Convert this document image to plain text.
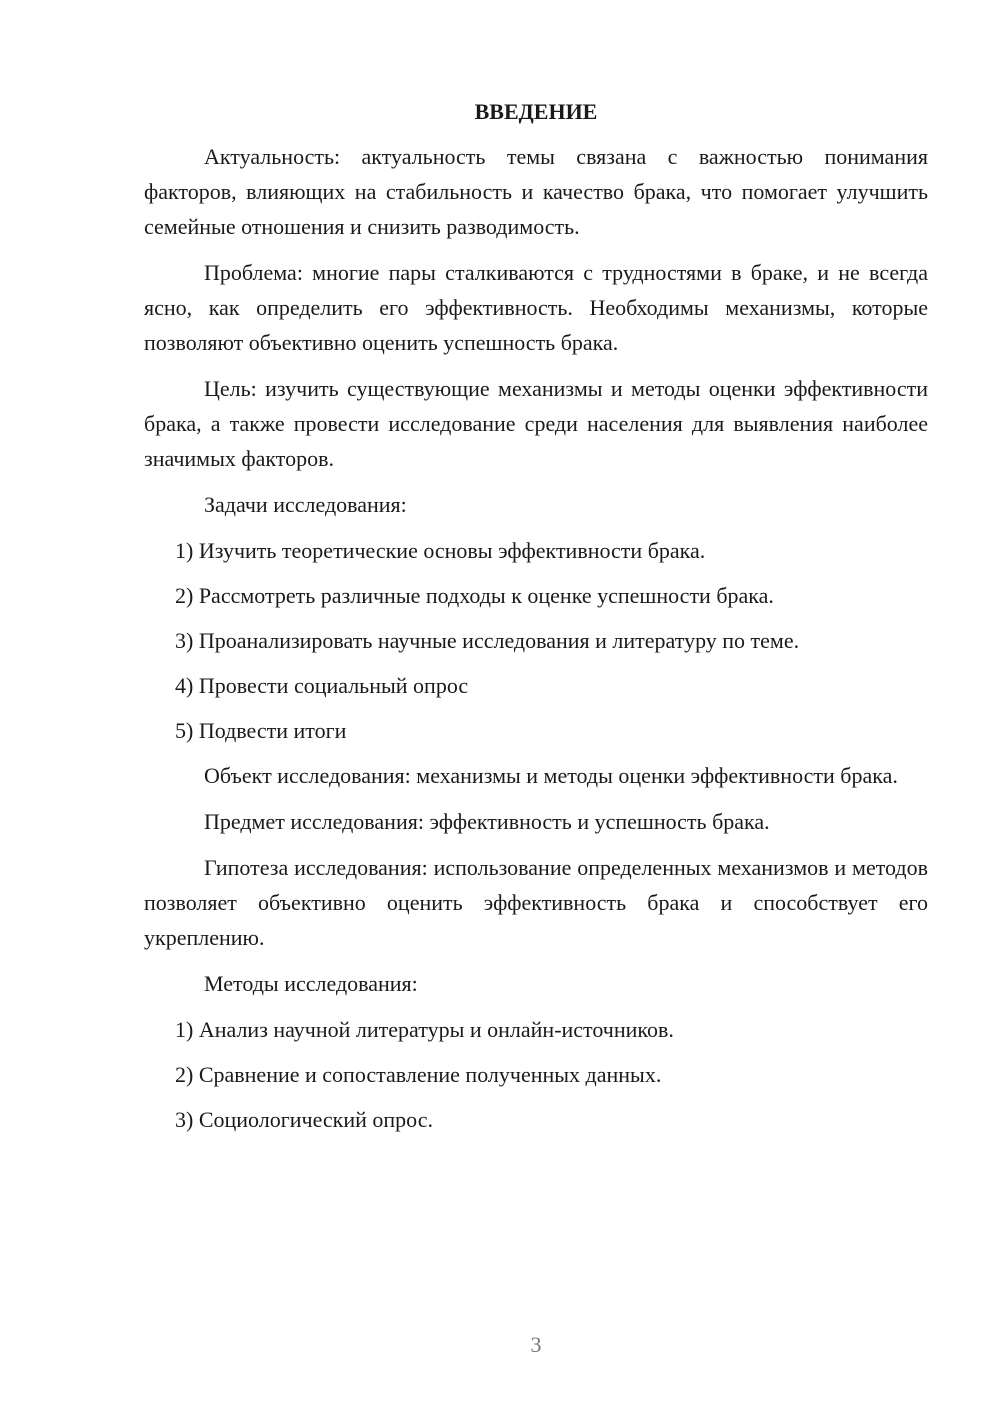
ВВЕДЕНИЕ

Актуальность: актуальность темы связана с важностью понимания факторов, влияющих на стабильность и качество брака, что помогает улучшить семейные отношения и снизить разводимость.

Проблема: многие пары сталкиваются с трудностями в браке, и не всегда ясно, как определить его эффективность. Необходимы механизмы, которые позволяют объективно оценить успешность брака.

Цель: изучить существующие механизмы и методы оценки эффективности брака, а также провести исследование среди населения для выявления наиболее значимых факторов.

Задачи исследования:
1) Изучить теоретические основы эффективности брака.
2) Рассмотреть различные подходы к оценке успешности брака.
3) Проанализировать научные исследования и литературу по теме.
4) Провести социальный опрос
5) Подвести итоги

Объект исследования: механизмы и методы оценки эффективности брака.

Предмет исследования: эффективность и успешность брака.

Гипотеза исследования: использование определенных механизмов и методов позволяет объективно оценить эффективность брака и способствует его укреплению.

Методы исследования:
1) Анализ научной литературы и онлайн-источников.
2) Сравнение и сопоставление полученных данных.
3) Социологический опрос.
3
